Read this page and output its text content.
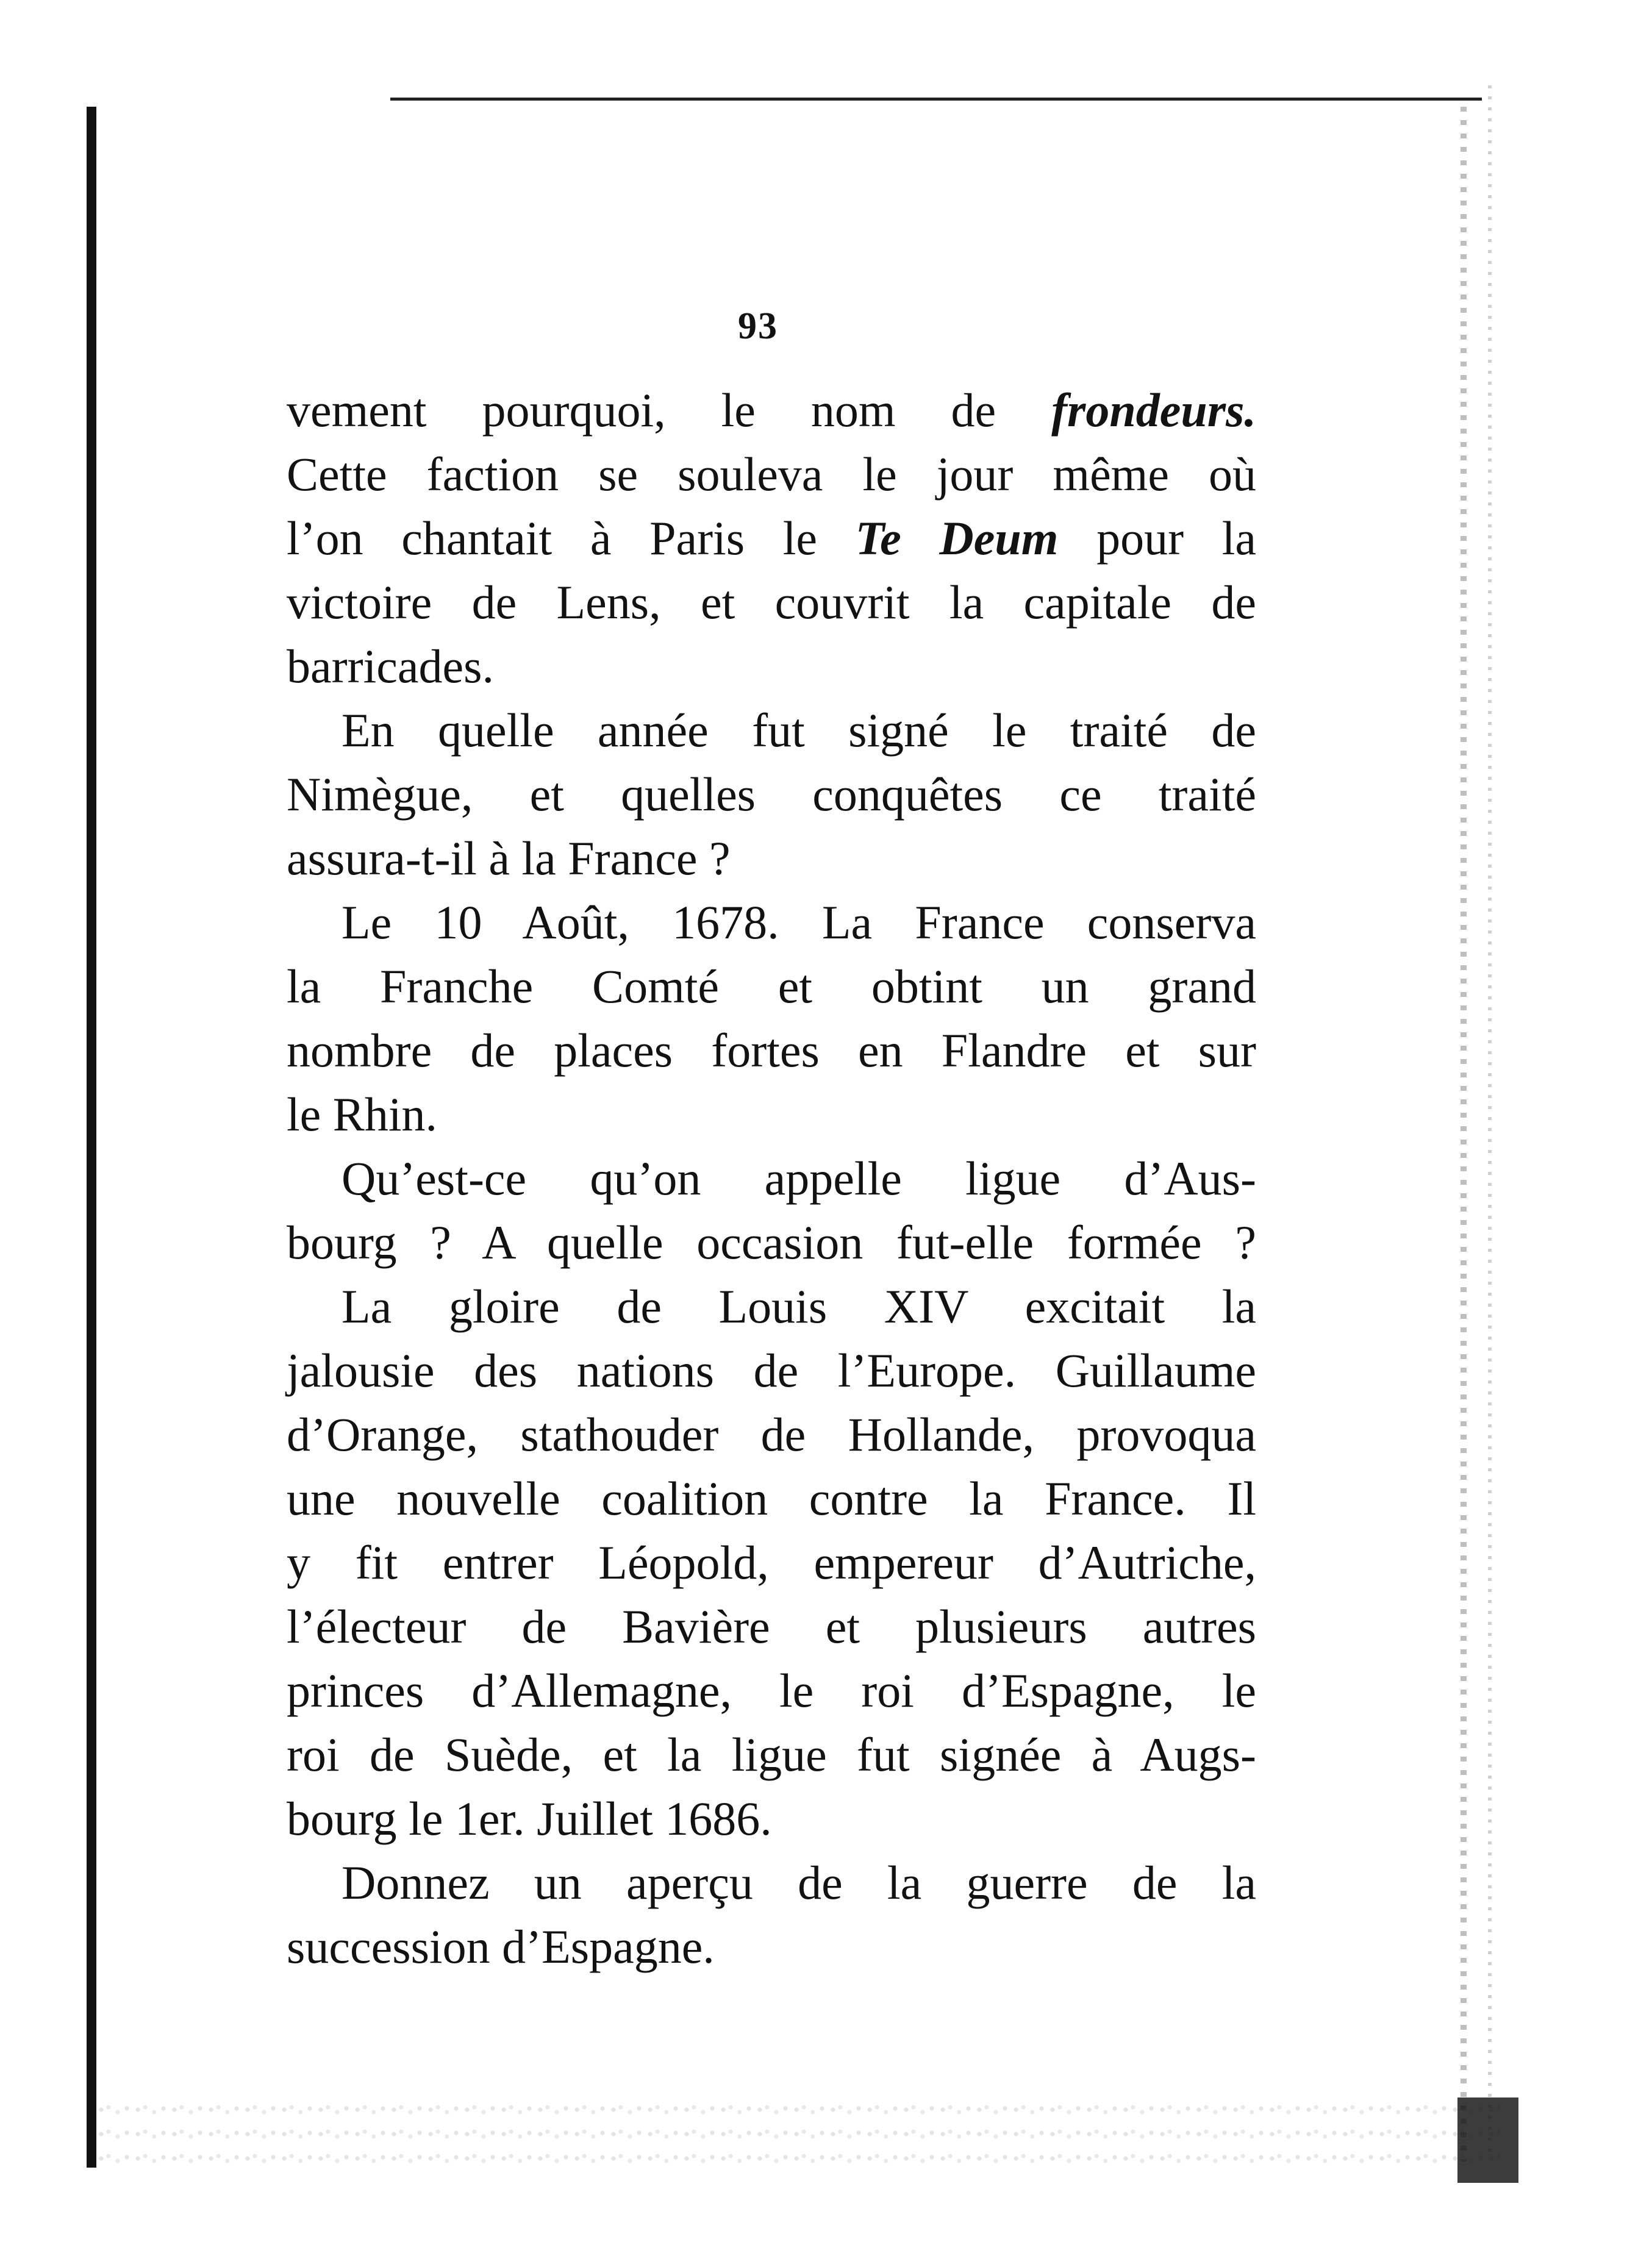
93
vement pourquoi, le nom de frondeurs.
Cette faction se souleva le jour même où
l’on chantait à Paris le Te Deum pour la
victoire de Lens, et couvrit la capitale de
barricades.
En quelle année fut signé le traité de
Nimègue, et quelles conquêtes ce traité
assura-t-il à la France ?
Le 10 Août, 1678. La France conserva
la Franche Comté et obtint un grand
nombre de places fortes en Flandre et sur
le Rhin.
Qu’est-ce qu’on appelle ligue d’Aus-
bourg ? A quelle occasion fut-elle formée ?
La gloire de Louis XIV excitait la
jalousie des nations de l’Europe. Guillaume
d’Orange, stathouder de Hollande, provoqua
une nouvelle coalition contre la France. Il
y fit entrer Léopold, empereur d’Autriche,
l’électeur de Bavière et plusieurs autres
princes d’Allemagne, le roi d’Espagne, le
roi de Suède, et la ligue fut signée à Augs-
bourg le 1er. Juillet 1686.
Donnez un aperçu de la guerre de la
succession d’Espagne.
